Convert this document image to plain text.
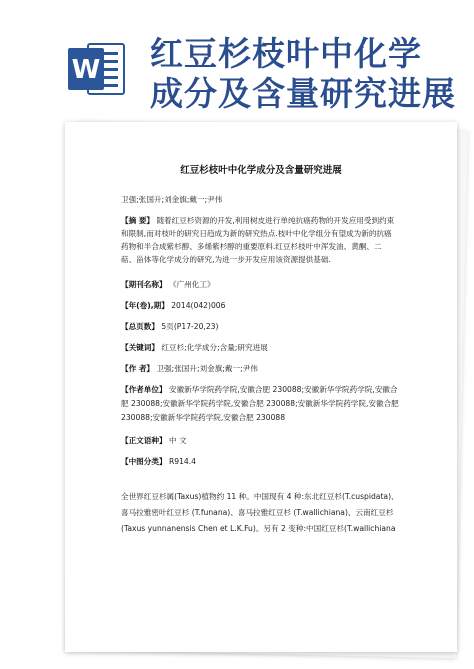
W 红豆杉枝叶中化学
成分及含量研究进展
红豆杉枝叶中化学成分及含量研究进展
卫强;张国升;刘金旗;戴一;尹伟
【摘 要】 随着红豆杉资源的开发,利用树皮进行单纯抗癌药物的开发应用受到约束
和限制,而对枝叶的研究日趋成为新的研究热点.枝叶中化学组分有望成为新的抗癌
药物和半合成紫杉醇、多烯紫杉醇的重要原料.红豆杉枝叶中浑发油、黄酮、二
萜、甾体等化学成分的研究,为进一步开发应用该资源提供基础.
【期刊名称】 《广州化工》
【年(卷),期】 2014(042)006
【总页数】 5页(P17-20,23)
【关键词】 红豆杉;化学成分;含量;研究进展
【作 者】 卫强;张国升;刘金旗;戴一;尹伟
【作者单位】 安徽新华学院药学院,安徽合肥 230088;安徽新华学院药学院,安徽合
肥 230088;安徽新华学院药学院,安徽合肥 230088;安徽新华学院药学院,安徽合肥
230088;安徽新华学院药学院,安徽合肥 230088
【正文语种】 中 文
【中图分类】 R914.4
全世界红豆杉属(Taxus)植物约 11 种。中国现有 4 种:东北红豆杉(T.cuspidata)、
喜马拉雅密叶红豆杉 (T.funana)、喜马拉雅红豆杉 (T.wallichiana)、云南红豆杉
(Taxus yunnanensis Chen et L.K.Fu)。另有 2 变种:中国红豆杉(T.wallichiana
